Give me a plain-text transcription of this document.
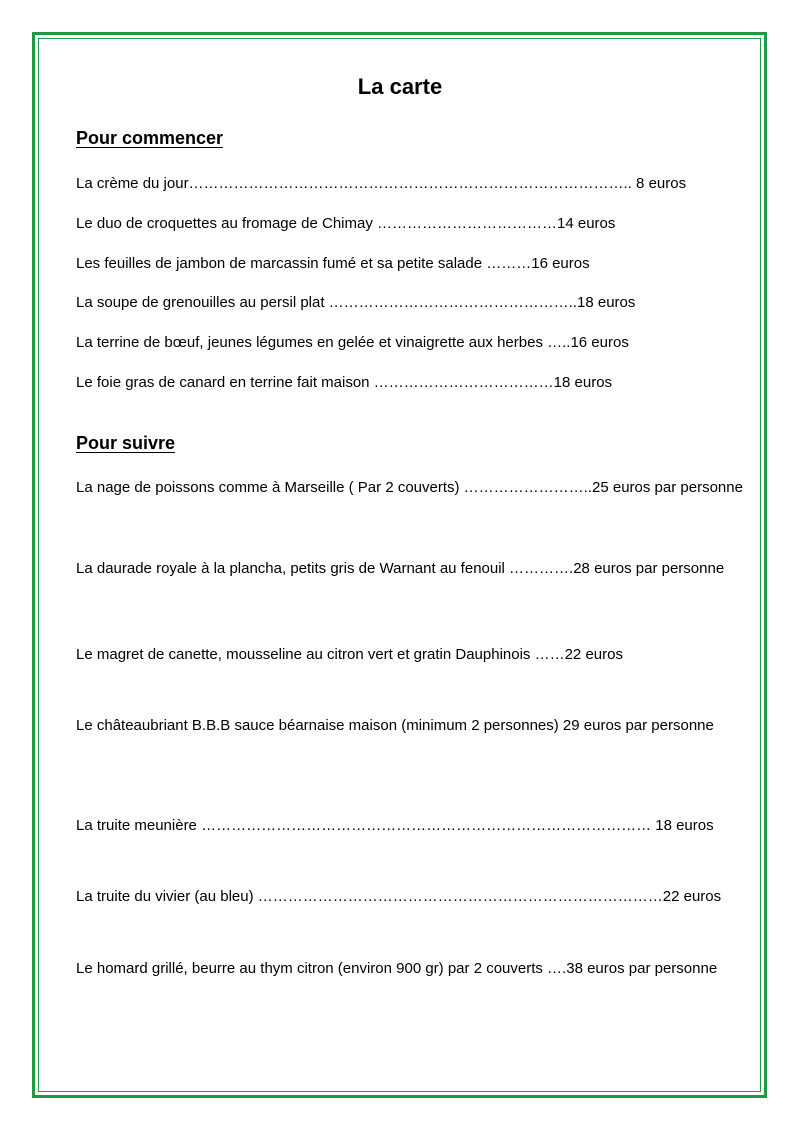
La carte
Pour commencer
La crème du jour…………………………………………………………………………….. 8 euros
Le duo de croquettes au fromage de Chimay ………………………………14 euros
Les feuilles de jambon de marcassin fumé et sa petite salade ………16 euros
La soupe de grenouilles au persil plat …………………………………………..18 euros
La terrine de bœuf, jeunes légumes en gelée et vinaigrette aux herbes …..16 euros
Le foie gras de canard en terrine fait maison ………………………………18 euros
Pour suivre
La nage de poissons comme à Marseille ( Par 2 couverts) ……………………..25 euros par personne
La daurade royale à la plancha, petits gris de Warnant au fenouil ………….28 euros par personne
Le magret de canette, mousseline au citron vert et gratin Dauphinois ……22 euros
Le châteaubriant B.B.B sauce béarnaise maison (minimum 2 personnes) 29 euros par personne
La truite meunière ……………………………………………………………………………… 18 euros
La truite du vivier (au bleu) ………………………………………………………………………22 euros
Le homard grillé, beurre au thym citron (environ 900 gr) par 2 couverts ….38 euros par personne
